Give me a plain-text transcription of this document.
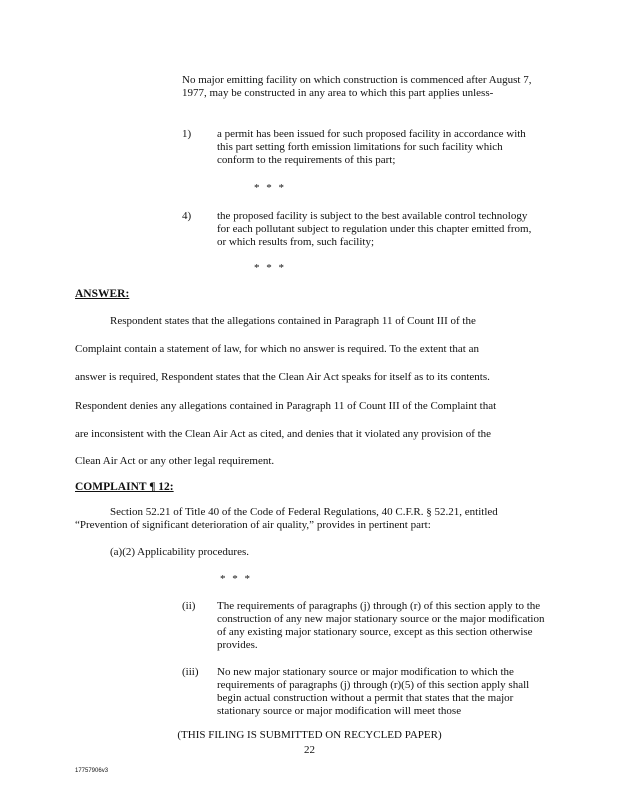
No major emitting facility on which construction is commenced after August 7, 1977, may be constructed in any area to which this part applies unless-
1) a permit has been issued for such proposed facility in accordance with this part setting forth emission limitations for such facility which conform to the requirements of this part;
* * *
4) the proposed facility is subject to the best available control technology for each pollutant subject to regulation under this chapter emitted from, or which results from, such facility;
* * *
ANSWER:
Respondent states that the allegations contained in Paragraph 11 of Count III of the
Complaint contain a statement of law, for which no answer is required. To the extent that an
answer is required, Respondent states that the Clean Air Act speaks for itself as to its contents.
Respondent denies any allegations contained in Paragraph 11 of Count III of the Complaint that
are inconsistent with the Clean Air Act as cited, and denies that it violated any provision of the
Clean Air Act or any other legal requirement.
COMPLAINT ¶ 12:
Section 52.21 of Title 40 of the Code of Federal Regulations, 40 C.F.R. § 52.21, entitled “Prevention of significant deterioration of air quality,” provides in pertinent part:
(a)(2) Applicability procedures.
* * *
(ii) The requirements of paragraphs (j) through (r) of this section apply to the construction of any new major stationary source or the major modification of any existing major stationary source, except as this section otherwise provides.
(iii) No new major stationary source or major modification to which the requirements of paragraphs (j) through (r)(5) of this section apply shall begin actual construction without a permit that states that the major stationary source or major modification will meet those
(THIS FILING IS SUBMITTED ON RECYCLED PAPER)
22
17757906v3
